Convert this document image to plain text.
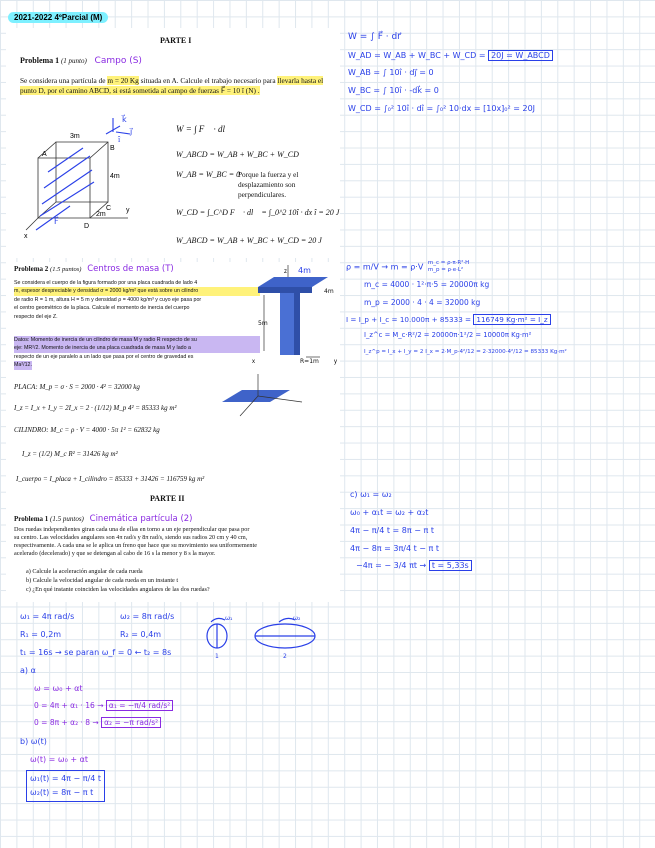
2021-2022 4ºParcial (M)
PARTE I
Problema 1 (1 punto) Campo (S)
Se considera una partícula de m = 20 Kg situada en A. Calcule el trabajo necesario para llevarla hasta el punto D, por el camino ABCD, si está sometida al campo de fuerzas F⃗ = 10 î (N) .
A
B
C
D
3m
4m
2m
y
x
k⃗
j⃗
î
F⃗
W = ∫ F⃗ · dl⃗
W_ABCD = W_AB + W_BC + W_CD
W_AB = W_BC = 0
Porque la fuerza y el desplazamiento son perpendiculares.
W_CD = ∫_C^D F⃗ · dl⃗ = ∫_0^2 10î · dx î = 20 J
W_ABCD = W_AB + W_BC + W_CD = 20 J
Problema 2 (1.5 puntos) Centros de masa (T)
Se considera el cuerpo de la figura formado por una placa cuadrada de lado 4
m, espesor despreciable y densidad σ = 2000 kg/m² que está sobre un cilindro
de radio R = 1 m, altura H = 5 m y densidad ρ = 4000 kg/m³ y cuyo eje pasa por
el centro geométrico de la placa. Calcule el momento de inercia del cuerpo
respecto del eje Z.
Datos: Momento de inercia de un cilindro de masa M y radio R respecto de su
eje: MR²/2. Momento de inercia de una placa cuadrada de masa M y lado a
respecto de un eje paralelo a un lado que pasa por el centro de gravedad es
Ma²/12.
PLACA: M_p = σ · S = 2000 · 4² = 32000 kg
I_z = I_x + I_y = 2I_x = 2 · (1/12) M_p 4² = 85333 kg m²
CILINDRO: M_c = ρ · V = 4000 · 5π 1² = 62832 kg
I_z = (1/2) M_c R² = 31426 kg m²
I_cuerpo = I_placa + I_cilindro = 85333 + 31426 = 116759 kg m²
z
x	y
4m
4m
5m
R=1m
PARTE II
Problema 1 (1.5 puntos) Cinemática partícula (2)
Dos ruedas independientes giran cada una de ellas en torno a un eje perpendicular que pasa por
su centro. Las velocidades angulares son 4π rad/s y 8π rad/s, siendo sus radios 20 cm y 40 cm,
respectivamente. A cada una se le aplica un freno que hace que su movimiento sea uniformemente
acelerado (decelerado) y que se detengan al cabo de 16 s la menor y 8 s la mayor.
a) Calcule la aceleración angular de cada rueda
b) Calcule la velocidad angular de cada rueda en un instante t
c) ¿En qué instante coinciden las velocidades angulares de las dos ruedas?
W = ∫ F⃗ · dr⃗
W_AD = W_AB + W_BC + W_CD = 20J = W_ABCD
W_AB = ∫ 10î · dj⃗ = 0
W_BC = ∫ 10î · -dk⃗ = 0
W_CD = ∫₀² 10î · dî = ∫₀² 10·dx = [10x]₀² = 20J
ρ = m/V → m = ρ·V m_c = ρ·π·R²·H
m_p = ρ·e·L²
m_c = 4000 · 1²·π·5 = 20000π kg
m_p = 2000 · 4 · 4 = 32000 kg
I = I_p + I_c = 10.000π + 85333 = 116749 Kg·m² = I_z
I_z^c = M_c·R²/2 = 20000π·1²/2 = 10000π Kg·m²
I_z^p = I_x + I_y = 2 I_x = 2·M_p·4²/12 = 2·32000·4²/12 = 85333 Kg·m²
c) ω₁ = ω₂
ω₀ + α₁t = ω₂ + α₂t
4π − π/4 t = 8π − π t
4π − 8π = 3π/4 t − π t
−4π = − 3/4 πt → t = 5,33s
ω₁ = 4π rad/s	ω₂ = 8π rad/s
R₁ = 0,2m	R₂ = 0,4m
t₁ = 16s → se paran ω_f = 0 ← t₂ = 8s
a) α
ω = ω₀ + αt
0 = 4π + α₁ · 16 → α₁ = −π/4 rad/s²
0 = 8π + α₂ · 8 → α₂ = −π rad/s²
b) ω(t)
ω(t) = ω₀ + αt
ω₁(t) = 4π − π/4 t
ω₂(t) = 8π − π t
ω₁	ω₂
1	2
